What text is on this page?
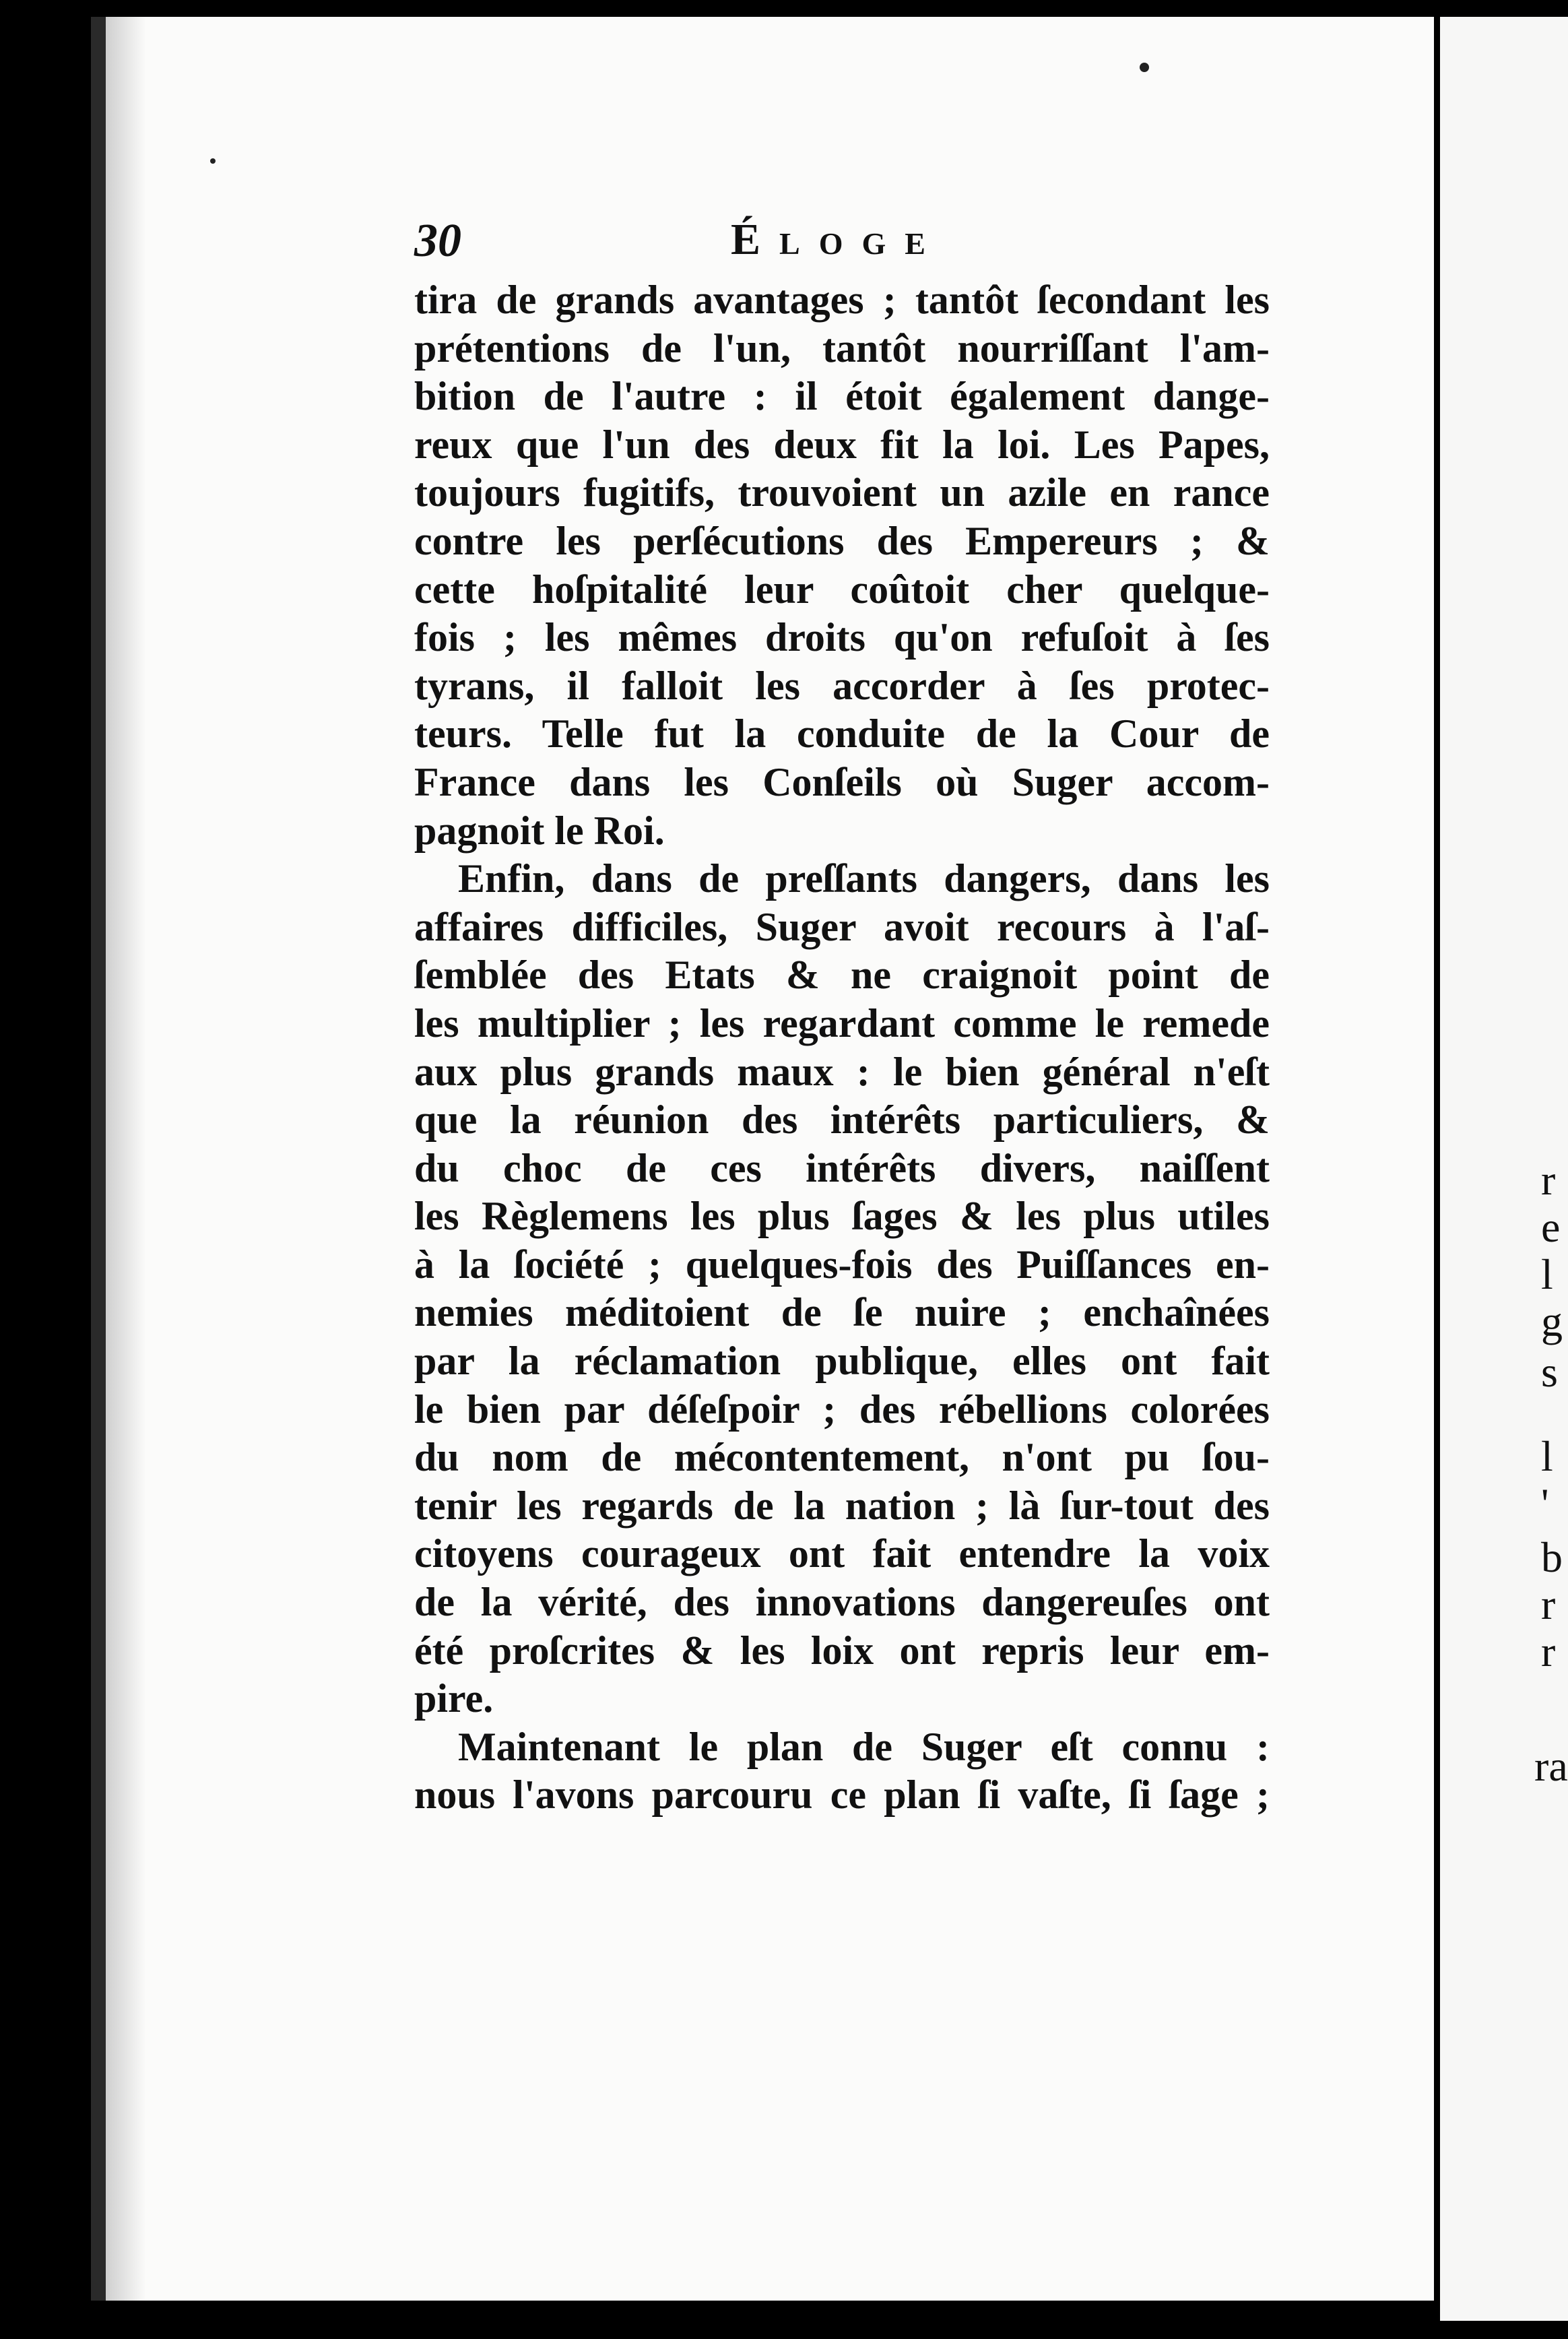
r
e
l
g
s
l
'
b
r
r
ra
30	Éloge
tira de grands avantages ; tantôt ſecondant les
prétentions de l'un, tantôt nourriſſant l'am-
bition de l'autre : il étoit également dange-
reux que l'un des deux fit la loi. Les Papes,
toujours fugitifs, trouvoient un azile en rance
contre les perſécutions des Empereurs ; &
cette hoſpitalité leur coûtoit cher quelque-
fois ; les mêmes droits qu'on refuſoit à ſes
tyrans, il falloit les accorder à ſes protec-
teurs. Telle fut la conduite de la Cour de
France dans les Conſeils où Suger accom-
pagnoit le Roi.
Enfin, dans de preſſants dangers, dans les
affaires difficiles, Suger avoit recours à l'aſ-
ſemblée des Etats & ne craignoit point de
les multiplier ; les regardant comme le remede
aux plus grands maux : le bien général n'eſt
que la réunion des intérêts particuliers, &
du choc de ces intérêts divers, naiſſent
les Règlemens les plus ſages & les plus utiles
à la ſociété ; quelques-fois des Puiſſances en-
nemies méditoient de ſe nuire ; enchaînées
par la réclamation publique, elles ont fait
le bien par déſeſpoir ; des rébellions colorées
du nom de mécontentement, n'ont pu ſou-
tenir les regards de la nation ; là ſur-tout des
citoyens courageux ont fait entendre la voix
de la vérité, des innovations dangereuſes ont
été proſcrites & les loix ont repris leur em-
pire.
Maintenant le plan de Suger eſt connu :
nous l'avons parcouru ce plan ſi vaſte, ſi ſage ;
